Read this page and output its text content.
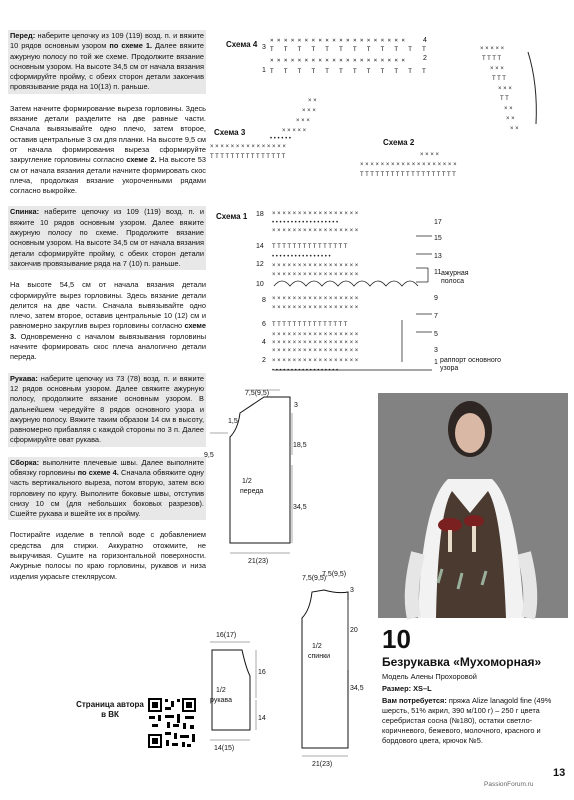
Перед: наберите цепочку из 109 (119) возд. п. и вяжите 10 рядов основным узором по схеме 1. Далее вяжите ажурную полосу по той же схеме. Продолжите вязание основным узором. На высоте 34,5 см от начала вязания сформируйте пройму, с обеих сторон детали закончив провязывание ряда на 10(13) п. раньше.

Затем начните формирование выреза горловины. Здесь вязание детали разделите на две равные части. Сначала вывязывайте одно плечо, затем второе, оставив центральные 3 см для планки. На высоте 9,5 см от начала формирования выреза сформируйте закругление горловины согласно схеме 2. На высоте 53 см от начала вязания детали начните формировать скос плеча, продолжая вязание укороченными рядами согласно выкройке.

Спинка: наберите цепочку из 109 (119) возд. п. и вяжите 10 рядов основным узором. Далее вяжите ажурную полосу по схеме. Продолжите вязание основным узором. На высоте 34,5 см от начала вязания детали сформируйте пройму, с обеих сторон детали закончив провязывание ряда на 7 (10) п. раньше.

На высоте 54,5 см от начала вязания детали сформируйте вырез горловины. Здесь вязание детали делится на две части. Сначала вывязывайте одно плечо, затем второе, оставив центральные 10 (12) см и равномерно закруглив вырез горловины согласно схеме 3. Одновременно с началом вывязывания горловины начните формировать скос плеча аналогично детали переда.

Рукава: наберите цепочку из 73 (78) возд. п. и вяжите 12 рядов основным узором. Далее свяжите ажурную полосу, продолжите вязание основным узором. В дальнейшем чередуйте 8 рядов основного узора и ажурную полосу. Вяжите таким образом 14 см в высоту, равномерно прибавляя с каждой стороны по 3 п. Далее сформируйте оват рукава.

Сборка: выполните плечевые швы. Далее выполните обвязку горловины по схеме 4. Сначала обвяжите одну часть вертикального выреза, потом вторую, затем всю горловину по кругу. Выполните боковые швы, отступив снизу 10 см (для небольших боковых разрезов). Сшейте рукава и вшейте их в пройму.

Постирайте изделие в теплой воде с добавлением средства для стирки. Аккуратно отожмите, не выкручивая. Сушите на горизонтальной поверхности. Ажурные полосы по краю горловины, рукавов и низа изделия украсьте стеклярусом.

Страница автора в ВК
Схема 4 3
1
4
2
××××××××××××××××××××
T T T T T T T T T T T T
××××××××××××××××××××
T T T T T T T T T T T T
Схема 3
× ×
× × ×
× × ×
× × × × ×
• • • • • •
× × × × × × × × × × × × × × ×
T T T T T T T T T T T T T T T
Схема 2
× × × × ×
T T T T
× × ×
T T T
× × ×
T T
× ×
× ×
× ×
× × × ×
× × × × × × × × × × × × × × × × × × ×
T T T T T T T T T T T T T T T T T T T
Схема 1 18
14
12
10
8
6
4
2
17
15
13
11
9
7
5
3
1
× × × × × × × × × × × × × × × × ×
• • • • • • • • • • • • • • • • • •
× × × × × × × × × × × × × × × × ×
T T T T T T T T T T T T T T T
• • • • • • • • • • • • • • • •
× × × × × × × × × × × × × × × × ×
× × × × × × × × × × × × × × × × ×
× × × × × × × × × × × × × × × × ×
× × × × × × × × × × × × × × × × ×
T T T T T T T T T T T T T T T
× × × × × × × × × × × × × × × × ×
× × × × × × × × × × × × × × × × ×
× × × × × × × × × × × × × × × × ×
× × × × × × × × × × × × × × × × ×
• • • • • • • • • • • • • • • • • •
ажурная полоса
раппорт основного узора
7,5(9,5)
3
1,5
9,5
18,5
34,5
21(23)
1/2
переда
7,5(9,5)
3
20
34,5
21(23)
1/2
спинки
7,5(9,5)
16(17)
16
14
14(15)
1/2
рукава
10
Безрукавка «Мухоморная»
Модель Алены Прохоровой
Размер: XS–L
Вам потребуется: пряжа Alize lanagold fine (49% шерсть, 51% акрил, 390 м/100 г) – 250 г цвета серебристая сосна (№180), остатки светло-коричневого, бежевого, молочного, красного и бордового цвета, крючок №5.
13
PassionForum.ru
